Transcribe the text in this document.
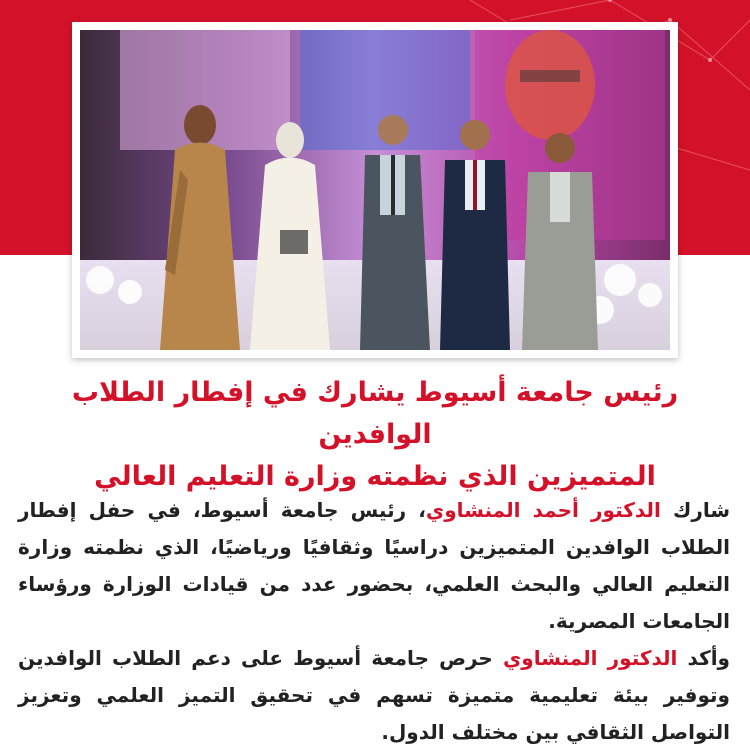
رئيس جامعة أسيوط يشارك في إفطار الطلاب الوافدين
المتميزين الذي نظمته وزارة التعليم العالي

شارك الدكتور أحمد المنشاوي، رئيس جامعة أسيوط، في حفل إفطار الطلاب الوافدين المتميزين دراسيًا وثقافيًا ورياضيًا، الذي نظمته وزارة التعليم العالي والبحث العلمي، بحضور عدد من قيادات الوزارة ورؤساء الجامعات المصرية.

وأكد الدكتور المنشاوي حرص جامعة أسيوط على دعم الطلاب الوافدين وتوفير بيئة تعليمية متميزة تسهم في تحقيق التميز العلمي وتعزيز التواصل الثقافي بين مختلف الدول.
